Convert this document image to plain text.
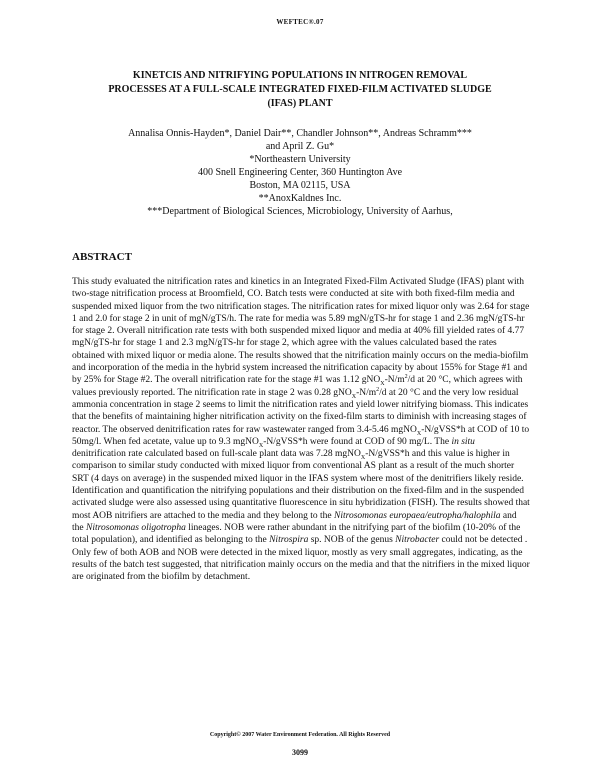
WEFTEC®.07
KINETCIS AND NITRIFYING POPULATIONS IN NITROGEN REMOVAL
PROCESSES AT A FULL-SCALE INTEGRATED FIXED-FILM ACTIVATED SLUDGE
(IFAS) PLANT
Annalisa Onnis-Hayden*, Daniel Dair**, Chandler Johnson**, Andreas Schramm***
and April Z. Gu*
*Northeastern University
400 Snell Engineering Center, 360 Huntington Ave
Boston, MA 02115, USA
**AnoxKaldnes Inc.
***Department of Biological Sciences, Microbiology, University of Aarhus,
ABSTRACT

This study evaluated the nitrification rates and kinetics in an Integrated Fixed-Film Activated Sludge (IFAS) plant with two-stage nitrification process at Broomfield, CO. Batch tests were conducted at site with both fixed-film media and suspended mixed liquor from the two nitrification stages. The nitrification rates for mixed liquor only was 2.64 for stage 1 and 2.0 for stage 2 in unit of mgN/gTS/h. The rate for media was 5.89 mgN/gTS-hr for stage 1 and 2.36 mgN/gTS-hr for stage 2. Overall nitrification rate tests with both suspended mixed liquor and media at 40% fill yielded rates of 4.77 mgN/gTS-hr for stage 1 and 2.3 mgN/gTS-hr for stage 2, which agree with the values calculated based the rates obtained with mixed liquor or media alone. The results showed that the nitrification mainly occurs on the media-biofilm and incorporation of the media in the hybrid system increased the nitrification capacity by about 155% for Stage #1 and by 25% for Stage #2. The overall nitrification rate for the stage #1 was 1.12 $gNO_X-N/m^2/d$ at 20 °C, which agrees with values previously reported. The nitrification rate in stage 2 was 0.28 $gNO_X-N/m^2/d$ at 20 °C and the very low residual ammonia concentration in stage 2 seems to limit the nitrification rates and yield lower nitrifying biomass. This indicates that the benefits of maintaining higher nitrification activity on the fixed-film starts to diminish with increasing stages of reactor. The observed denitrification rates for raw wastewater ranged from 3.4-5.46 mgNO$_X$-N/gVSS*h at COD of 10 to 50mg/l. When fed acetate, value up to 9.3 mgNO$_X$-N/gVSS*h were found at COD of 90 mg/L. The in situ denitrification rate calculated based on full-scale plant data was 7.28 mgNO$_X$-N/gVSS*h and this value is higher in comparison to similar study conducted with mixed liquor from conventional AS plant as a result of the much shorter SRT (4 days on average) in the suspended mixed liquor in the IFAS system where most of the denitrifiers likely reside. Identification and quantification the nitrifying populations and their distribution on the fixed-film and in the suspended activated sludge were also assessed using quantitative fluorescence in situ hybridization (FISH). The results showed that most AOB nitrifiers are attached to the media and they belong to the Nitrosomonas europaea/eutropha/halophila and the Nitrosomonas oligotropha lineages. NOB were rather abundant in the nitrifying part of the biofilm (10-20% of the total population), and identified as belonging to the Nitrospira sp. NOB of the genus Nitrobacter could not be detected . Only few of both AOB and NOB were detected in the mixed liquor, mostly as very small aggregates, indicating, as the results of the batch test suggested, that nitrification mainly occurs on the media and that the nitrifiers in the mixed liquor are originated from the biofilm by detachment.

Copyright© 2007 Water Environment Federation. All Rights Reserved
3099
